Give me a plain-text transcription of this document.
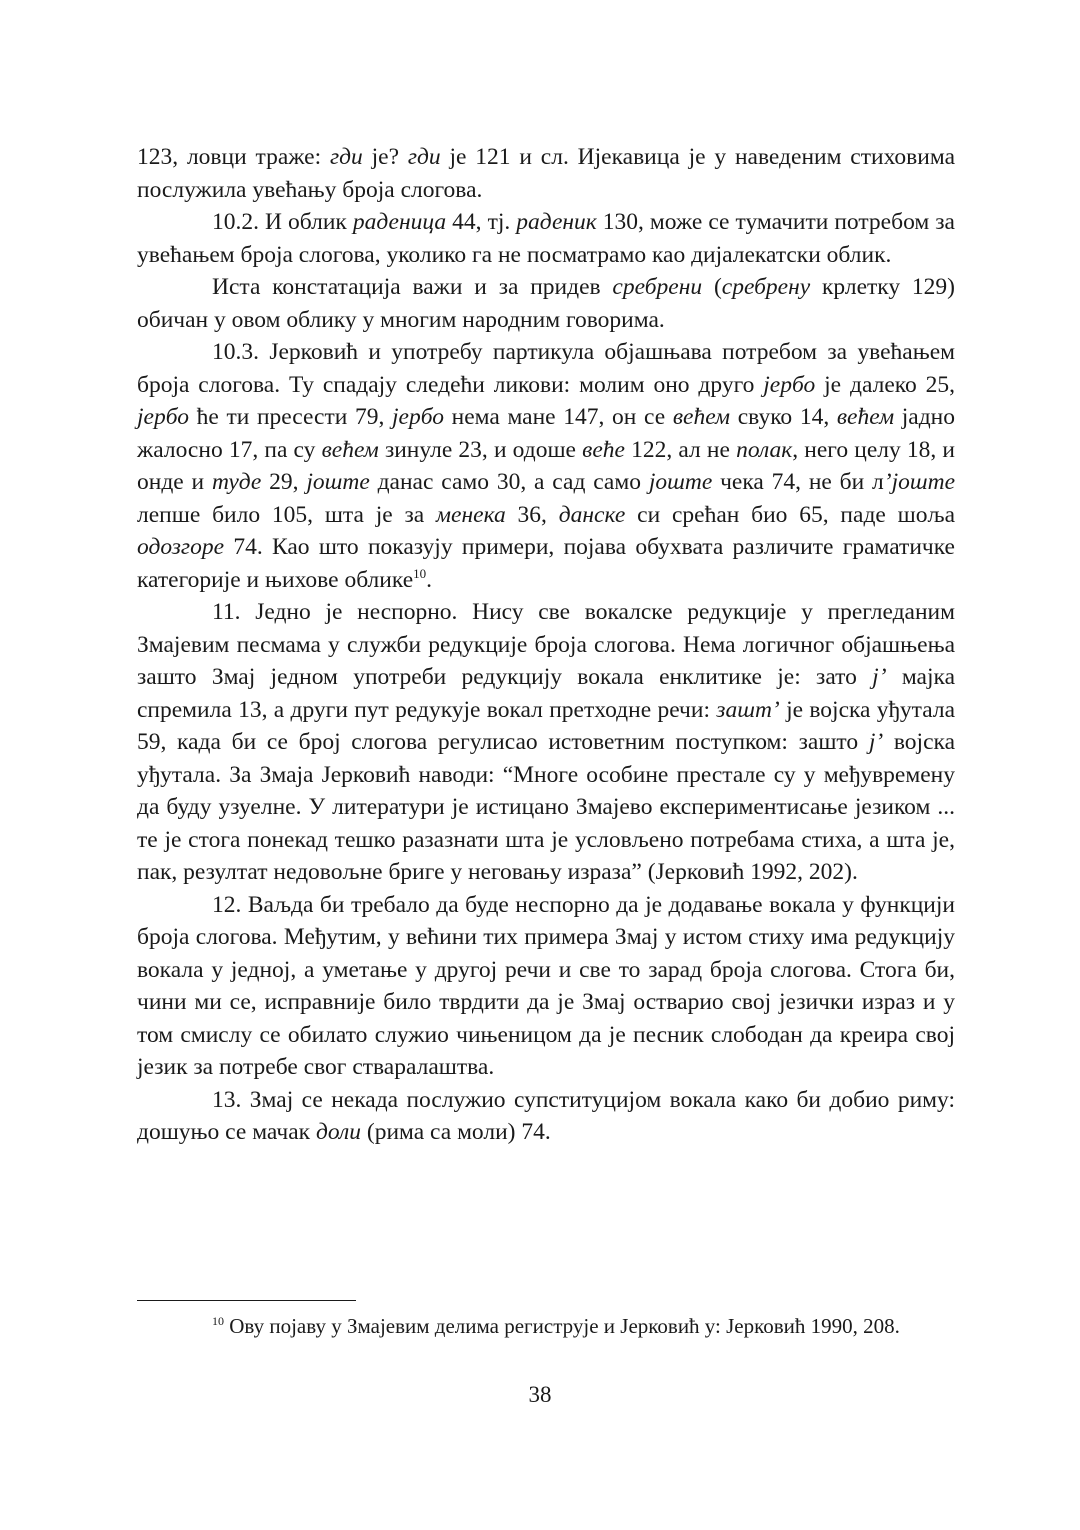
123, ловци траже: гди је? гди је 121 и сл. Ијекавица је у наведеним стиховима послужила увећању броја слогова.

10.2. И облик раденица 44, тј. раденик 130, може се тумачити потребом за увећањем броја слогова, уколико га не посматрамо као дијалекатски облик.

Иста констатација важи и за придев сребрени (сребрену крлетку 129) обичан у овом облику у многим народним говорима.

10.3. Јерковић и употребу партикула објашњава потребом за увећањем броја слогова. Ту спадају следећи ликови: молим оно друго јербо је далеко 25, јербо ће ти пресести 79, јербо нема мане 147, он се већем свуко 14, већем јадно жалосно 17, па су већем зинуле 23, и одоше веће 122, ал не полак, него целу 18, и онде и туде 29, јоште данас само 30, а сад само јоште чека 74, не би л’јоште лепше било 105, шта је за менека 36, данске си срећан био 65, паде шоља одозгоре 74. Као што показују примери, појава обухвата различите граматичке категорије и њихове облике$^{10}$.

11. Једно је неспорно. Нису све вокалске редукције у прегледаним Змајевим песмама у служби редукције броја слогова. Нема логичног објашњења зашто Змај једном употреби редукцију вокала енклитике је: зато ј’ мајка спремила 13, а други пут редукује вокал претходне речи: зашт’ је војска уђутала 59, када би се број слогова регулисао истоветним поступком: зашто ј’ војска уђутала. За Змаја Јерковић наводи: “Многе особине престале су у међувремену да буду узуелне. У литератури је истицано Змајево експериментисање језиком ... те је стога понекад тешко разазнати шта је условљено потребама стиха, а шта је, пак, резултат недовољне бриге у неговању израза” (Јерковић 1992, 202).

12. Ваљда би требало да буде неспорно да је додавање вокала у функцији броја слогова. Међутим, у већини тих примера Змај у истом стиху има редукцију вокала у једној, а уметање у другој речи и све то зарад броја слогова. Стога би, чини ми се, исправније било тврдити да је Змај остварио свој језички израз и у том смислу се обилато служио чињеницом да је песник слободан да креира свој језик за потребе свог стваралаштва.

13. Змај се некада послужио супституцијом вокала како би добио риму: дошуњо се мачак доли (рима са моли) 74.

$^{10}$ Ову појаву у Змајевим делима региструје и Јерковић у: Јерковић 1990, 208.
38
